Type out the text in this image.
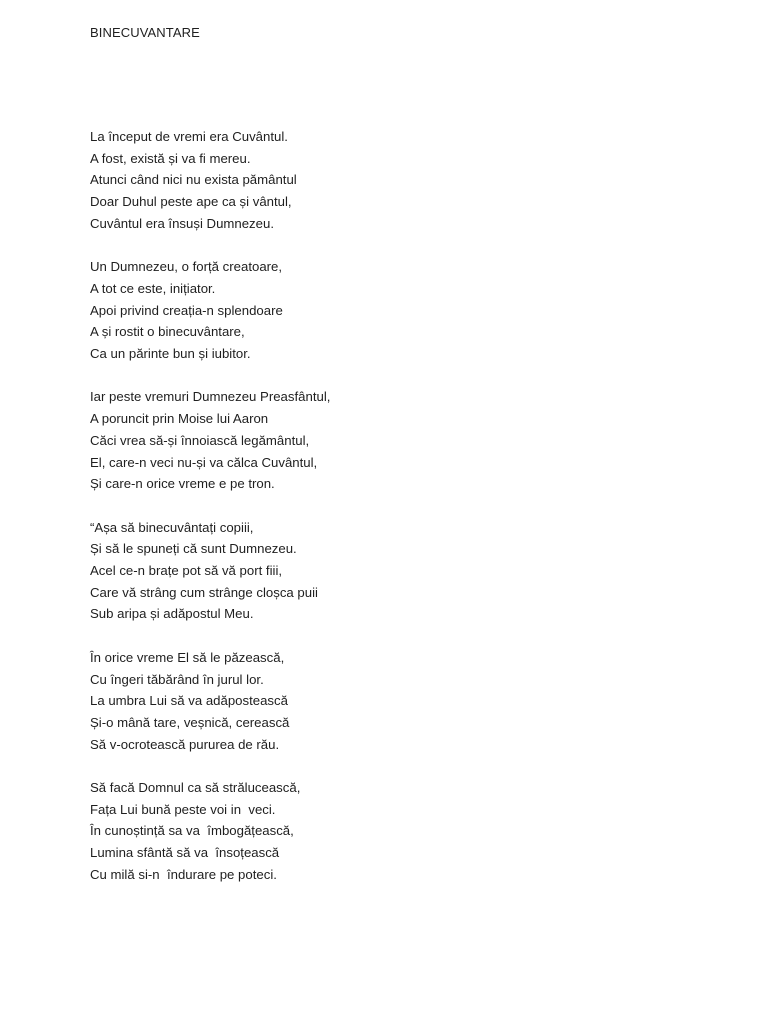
BINECUVANTARE
La început de vremi era Cuvântul.
A fost, există și va fi mereu.
Atunci când nici nu exista pământul
Doar Duhul peste ape ca și vântul,
Cuvântul era însuși Dumnezeu.
Un Dumnezeu, o forță creatoare,
A tot ce este, inițiator.
Apoi privind creația-n splendoare
A și rostit o binecuvântare,
Ca un părinte bun și iubitor.
Iar peste vremuri Dumnezeu Preasfântul,
A poruncit prin Moise lui Aaron
Căci vrea să-și înnoiască legământul,
El, care-n veci nu-și va călca Cuvântul,
Și care-n orice vreme e pe tron.
“Așa să binecuvântați copiii,
Și să le spuneți că sunt Dumnezeu.
Acel ce-n brațe pot să vă port fiii,
Care vă strâng cum strânge cloșca puii
Sub aripa și adăpostul Meu.
În orice vreme El să le păzească,
Cu îngeri tăbărând în jurul lor.
La umbra Lui să va adăpostească
Și-o mână tare, veșnică, cerească
Să v-ocrotească pururea de rău.
Să facă Domnul ca să strălucească,
Fața Lui bună peste voi in  veci.
În cunoștință sa va  îmbogățească,
Lumina sfântă să va  însoțească
Cu milă si-n  îndurare pe poteci.
